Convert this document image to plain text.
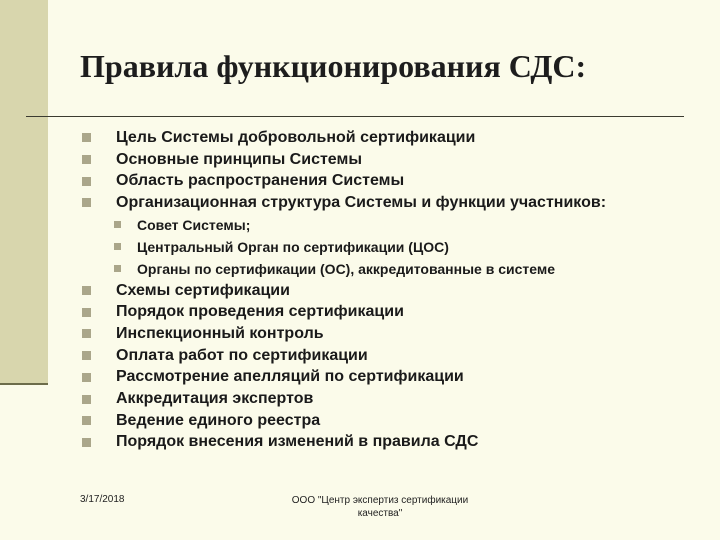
Правила функционирования СДС:
Цель Системы добровольной сертификации
Основные принципы Системы
Область распространения Системы
Организационная структура Системы и функции участников:
Совет Системы;
Центральный Орган по сертификации (ЦОС)
Органы по сертификации (ОС), аккредитованные в системе
Схемы сертификации
Порядок проведения сертификации
Инспекционный контроль
Оплата работ по сертификации
Рассмотрение апелляций по сертификации
Аккредитация экспертов
Ведение единого реестра
Порядок внесения изменений в правила СДС
3/17/2018	ООО "Центр экспертиз сертификации
качества"
